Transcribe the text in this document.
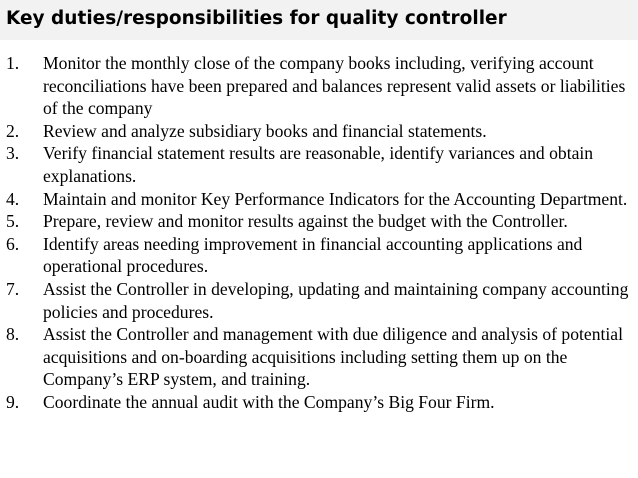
Key duties/responsibilities for quality controller
1.	Monitor the monthly close of the company books including, verifying account reconciliations have been prepared and balances represent valid assets or liabilities of the company
2.	Review and analyze subsidiary books and financial statements.
3.	Verify financial statement results are reasonable, identify variances and obtain explanations.
4.	Maintain and monitor Key Performance Indicators for the Accounting Department.
5.	Prepare, review and monitor results against the budget with the Controller.
6.	Identify areas needing improvement in financial accounting applications and operational procedures.
7.	Assist the Controller in developing, updating and maintaining company accounting policies and procedures.
8.	Assist the Controller and management with due diligence and analysis of potential acquisitions and on-boarding acquisitions including setting them up on the Company’s ERP system, and training.
9.	Coordinate the annual audit with the Company’s Big Four Firm.
